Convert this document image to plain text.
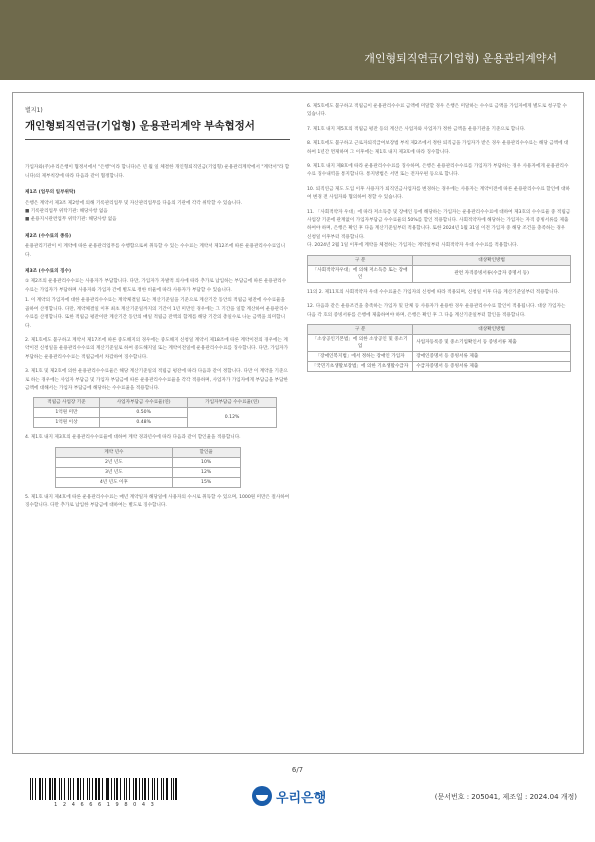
개인형퇴직연금(기업형) 운용관리계약서
별지1)
개인형퇴직연금(기업형) 운용관리계약 부속협정서

가입자와(주)우리은행이 협정서에서 "은행"이라 합니다)은 년 월 일 체결한 개인형퇴직연금(기업형) 운용관리계약에서 "계약서"라 합니다)의 제부칙장에 따라 다음과 같이 협정합니다.

제1조 (업무의 일부위탁)

은행은 계약서 제3조 제2항에 의해 기록관리업무 및 자산관리업무를 다음의 기관에 각각 위탁할 수 있습니다.

■ 기록관리업무 위탁기관: 해당사항 없음

■ 운용지시관련업무 위탁기관: 해당사항 없음

제2조 (수수료의 종류)

운용관리기관이 이 계약에 따른 운용관리업무를 수행함으로써 취득할 수 있는 수수료는 계약서 제12조에 따른 운용관리수수료입니다.

제3조 (수수료의 징수)

① 제2조의 운용관리수수료는 사용자가 부담합니다. 다만, 가입자가 자발적 의사에 따라 추가로 납입하는 부담금에 따른 운용관리수수료는 가입자가 부담하며 사용자와 가입자 간에 별도로 정한 비율에 따라 사용자가 부담할 수 있습니다.

1. 이 계약의 가입자에 대한 운용관리수수료는 계약체결일 또는 계산기준일을 기준으로 계산기간 동안의 적립금 평잔에 수수료율을 곱하여 산정합니다. 다만, 계약체결일 이후 최초 계산기준일까지의 기간이 1년 미만인 경우에는 그 기간을 일할 계산하여 운용관리수수료를 산정합니다. 또한 적립금 평잔이란 계산기간 동안의 매일 적립금 잔액의 합계를 해당 기간의 총일수로 나눈 금액을 의미합니다.

2. 제1호에도 불구하고 계약서 제17조에 따른 중도해지의 경우에는 중도해지 신청일 계약서 제18조에 따른 계약이전의 경우에는 계약이전 신청일을 운용관리수수료의 계산기준일로 하여 중도해지일 또는 계약이전일에 운용관리수수료를 징수합니다. 다만, 가입자가 부담하는 운용관리수수료는 적립금에서 차감하여 징수합니다.

3. 제1호 및 제2호에 의한 운용관리수수료율은 해당 계산기준일의 적립금 평잔에 따라 다음과 같이 정합니다. 다만 이 계약을 기준으로 하는 경우에는 사업자 부담금 및 가입자 부담금에 따른 운용관리수수료율을 각각 적용하며, 사업자가 가입자에게 부담금을 부담한 금액에 대해서는 가입자 부담금에 해당하는 수수료율을 적용합니다.

적립금 사업장 기준	사업자부담금 수수료율(연)	가입자부담금 수수료율(연)
1억원 미만	0.50%	0.12%
1억원 이상	0.48%	

4. 제1호 내지 제3호의 운용관리수수료율에 대하여 계약 경과년수에 따라 다음과 같이 할인율을 적용합니다.

계약 년수	할인율
2년 년도	10%
3년 년도	12%
4년 년도 이후	15%

5. 제1호 내지 제4호에 따른 운용관리수수료는 매년 계약일자 해당일에 사용자의 수시로 취득할 수 있으며, 1000원 미만은 절사하여 징수합니다. 다만 추가로 납입한 부담금에 대하여는 별도로 징수합니다.

6. 제5호에도 불구하고 적립금이 운용관리수수료 금액에 미달할 경우 은행은 미달하는 수수료 금액을 가입자에게 별도로 청구할 수 있습니다.

7. 제1호 내지 제5호의 적립금 평잔 등의 계산은 사업자와 사업자가 정한 금액을 운용기관을 기준으로 합니다.

8. 제1호에도 불구하고 근로자퇴직급여보장법 부칙 제2조에서 정한 퇴직금을 가입자가 받은 경우 운용관리수수료는 해당 금액에 대하여 1년간 면제하며 그 이후에는 제1호 내지 제3호에 따라 징수합니다.

9. 제1호 내지 제8호에 따라 운용관리수수료를 징수하며, 은행은 운용관리수수료를 가입자가 부담하는 경우 사용자에게 운용관리수수료 징수내역을 통지합니다. 통지방법은 서면 또는 전자우편 등으로 합니다.

10. 퇴직연금 제도 도입 이후 사용자가 퇴직연금사업자를 변경하는 경우에는 사용자는 계약이전에 따른 운용관리수수료 할인에 대하여 변경 전 사업자와 협의하여 정할 수 있습니다.

11. 「사회적약자 우대」에 따라 저소득층 및 장애인 등에 해당하는 가입자는 운용관리수수료에 대하여 제3호의 수수료율 중 적립금 사업장 기준에 관계없이 가입자부담금 수수료율의 50%를 할인 적용합니다. 사회적약자에 해당하는 가입자는 자격 증빙서류를 제출하여야 하며, 은행은 확인 후 다음 계산기준일부터 적용합니다. 또한 2024년 1월 31일 이전 가입자 중 해당 조건을 충족하는 경우 신청일 이후부터 적용합니다.

다. 2024년 2월 1일 이후에 계약을 체결하는 가입자는 계약일부터 사회적약자 우대 수수료를 적용합니다.

구 분	대상확인방법
「사회적약자우대」에 의해 저소득층 또는 장애인	관련 자격증빙서류(수급자 증명서 등)

11의 2. 제11호의 사회적약자 우대 수수료율은 가입자의 신청에 따라 적용되며, 신청일 이후 다음 계산기준일부터 적용합니다.

12. 다음과 같은 운용조건을 충족하는 가입자 및 단체 등 사용자가 운용한 경우 운용관리수수료 할인이 적용됩니다. 대상 가입자는 다음 각 호의 증빙서류를 은행에 제출하여야 하며, 은행은 확인 후 그 다음 계산기준일부터 할인을 적용합니다.

구 분	대상확인방법
「소상공인기본법」에 의한 소상공인 및 중소기업	사업자등록증 및 중소기업확인서 등 증빙서류 제출
「장애인복지법」에서 정하는 장애인 가입자	장애인증명서 등 증빙서류 제출
「국민기초생활보장법」에 의한 기초생활수급자	수급자증명서 등 증빙서류 제출
6/7
1 2 4 6 6 6 1 9 8 0 4 3	우리은행	(문서번호 : 205041, 제조일 : 2024.04 개정)
